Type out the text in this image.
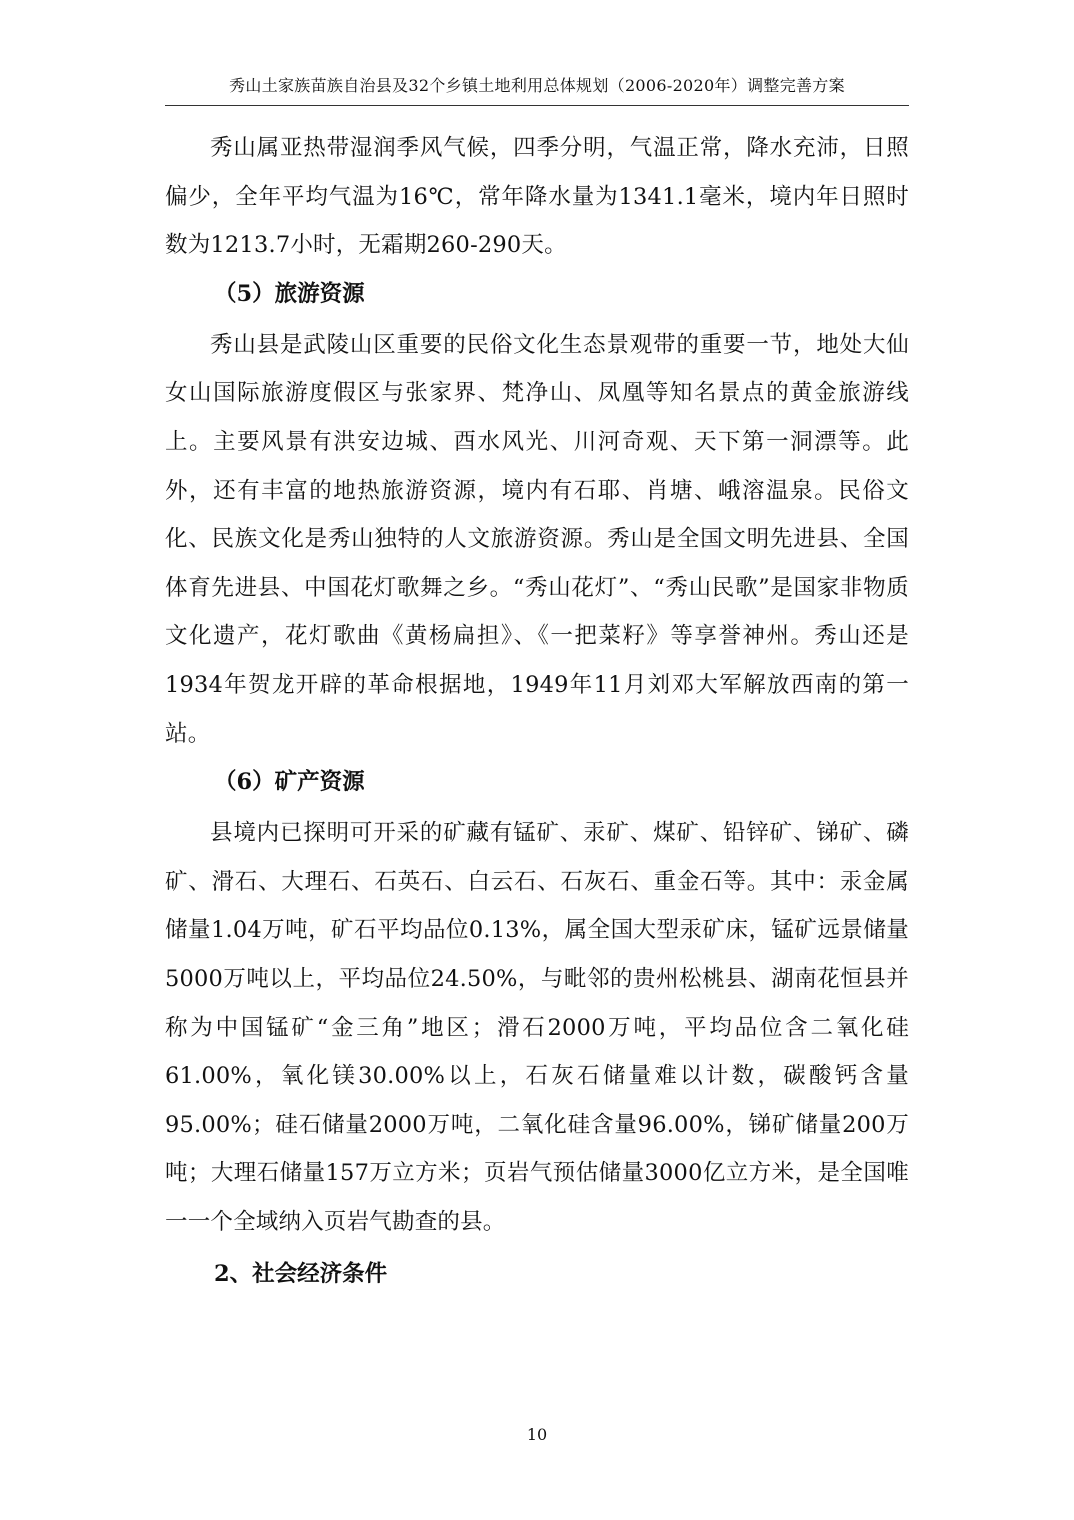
秀山土家族苗族自治县及32个乡镇土地利用总体规划（2006-2020年）调整完善方案

秀山属亚热带湿润季风气候，四季分明，气温正常，降水充沛，日照偏少，全年平均气温为16℃，常年降水量为1341.1毫米，境内年日照时数为1213.7小时，无霜期260-290天。

（5）旅游资源

秀山县是武陵山区重要的民俗文化生态景观带的重要一节，地处大仙女山国际旅游度假区与张家界、梵净山、凤凰等知名景点的黄金旅游线上。主要风景有洪安边城、酉水风光、川河奇观、天下第一洞漂等。此外，还有丰富的地热旅游资源，境内有石耶、肖塘、峨溶温泉。民俗文化、民族文化是秀山独特的人文旅游资源。秀山是全国文明先进县、全国体育先进县、中国花灯歌舞之乡。“秀山花灯”、“秀山民歌”是国家非物质文化遗产，花灯歌曲《黄杨扁担》、《一把菜籽》等享誉神州。秀山还是1934年贺龙开辟的革命根据地，1949年11月刘邓大军解放西南的第一站。

（6）矿产资源

县境内已探明可开采的矿藏有锰矿、汞矿、煤矿、铅锌矿、锑矿、磷矿、滑石、大理石、石英石、白云石、石灰石、重金石等。其中：汞金属储量1.04万吨，矿石平均品位0.13%，属全国大型汞矿床，锰矿远景储量5000万吨以上，平均品位24.50%，与毗邻的贵州松桃县、湖南花恒县并称为中国锰矿“金三角”地区；滑石2000万吨，平均品位含二氧化硅61.00%，氧化镁30.00%以上，石灰石储量难以计数，碳酸钙含量95.00%；硅石储量2000万吨，二氧化硅含量96.00%，锑矿储量200万吨；大理石储量157万立方米；页岩气预估储量3000亿立方米，是全国唯一一个全域纳入页岩气勘查的县。

2、社会经济条件

10
